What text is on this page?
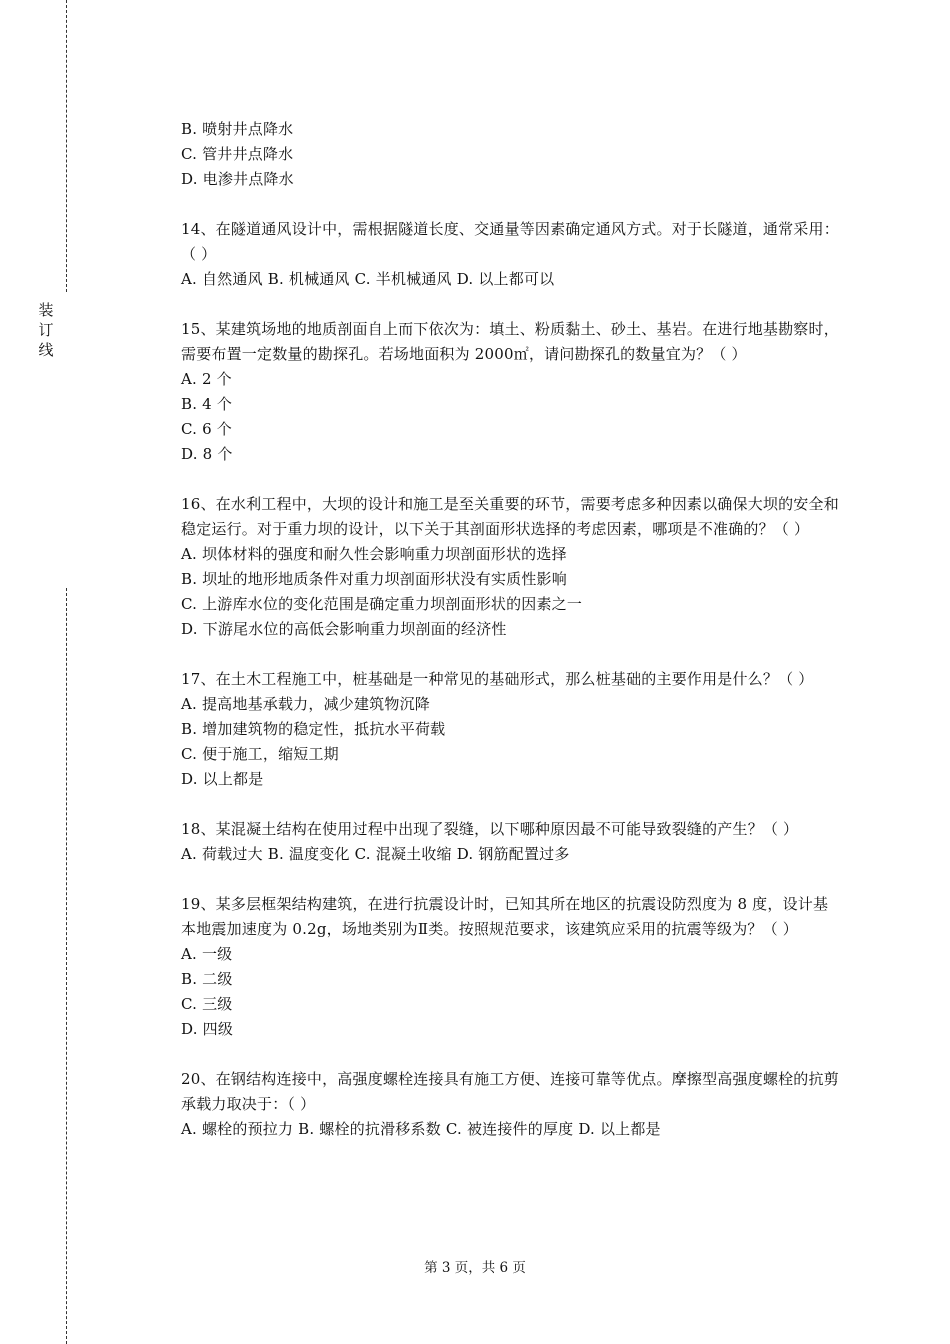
装
订
线

B. 喷射井点降水

C. 管井井点降水

D. 电渗井点降水

14、在隧道通风设计中，需根据隧道长度、交通量等因素确定通风方式。对于长隧道，通常采用：（ ）

A. 自然通风 B. 机械通风 C. 半机械通风 D. 以上都可以

15、某建筑场地的地质剖面自上而下依次为：填土、粉质黏土、砂土、基岩。在进行地基勘察时，需要布置一定数量的勘探孔。若场地面积为 2000㎡，请问勘探孔的数量宜为？（ ）

A. 2 个

B. 4 个

C. 6 个

D. 8 个

16、在水利工程中，大坝的设计和施工是至关重要的环节，需要考虑多种因素以确保大坝的安全和稳定运行。对于重力坝的设计，以下关于其剖面形状选择的考虑因素，哪项是不准确的？（ ）

A. 坝体材料的强度和耐久性会影响重力坝剖面形状的选择

B. 坝址的地形地质条件对重力坝剖面形状没有实质性影响

C. 上游库水位的变化范围是确定重力坝剖面形状的因素之一

D. 下游尾水位的高低会影响重力坝剖面的经济性

17、在土木工程施工中，桩基础是一种常见的基础形式，那么桩基础的主要作用是什么？（ ）

A. 提高地基承载力，减少建筑物沉降

B. 增加建筑物的稳定性，抵抗水平荷载

C. 便于施工，缩短工期

D. 以上都是

18、某混凝土结构在使用过程中出现了裂缝，以下哪种原因最不可能导致裂缝的产生？（ ）

A. 荷载过大 B. 温度变化 C. 混凝土收缩 D. 钢筋配置过多

19、某多层框架结构建筑，在进行抗震设计时，已知其所在地区的抗震设防烈度为 8 度，设计基本地震加速度为 0.2g，场地类别为Ⅱ类。按照规范要求，该建筑应采用的抗震等级为？（ ）

A. 一级

B. 二级

C. 三级

D. 四级

20、在钢结构连接中，高强度螺栓连接具有施工方便、连接可靠等优点。摩擦型高强度螺栓的抗剪承载力取决于：（ ）

A. 螺栓的预拉力 B. 螺栓的抗滑移系数 C. 被连接件的厚度 D. 以上都是

第 3 页，共 6 页
